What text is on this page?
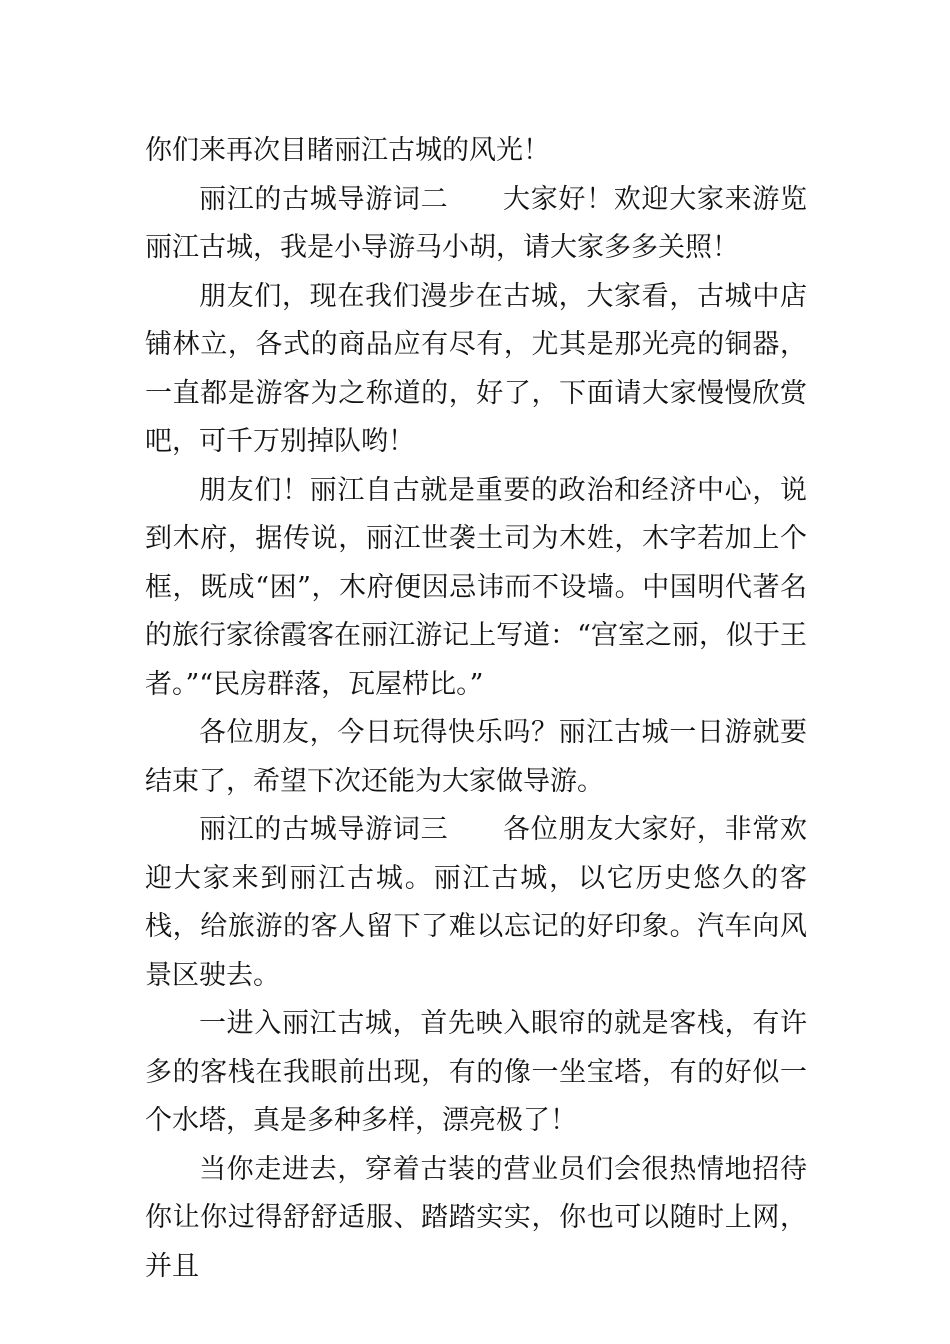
你们来再次目睹丽江古城的风光！

丽江的古城导游词二 大家好！欢迎大家来游览丽江古城，我是小导游马小胡，请大家多多关照！

朋友们，现在我们漫步在古城，大家看，古城中店铺林立，各式的商品应有尽有，尤其是那光亮的铜器，一直都是游客为之称道的，好了，下面请大家慢慢欣赏吧，可千万别掉队哟！

朋友们！丽江自古就是重要的政治和经济中心，说到木府，据传说，丽江世袭土司为木姓，木字若加上个框，既成“困”，木府便因忌讳而不设墙。中国明代著名的旅行家徐霞客在丽江游记上写道：“宫室之丽，似于王者。”“民房群落，瓦屋栉比。”

各位朋友，今日玩得快乐吗？丽江古城一日游就要结束了，希望下次还能为大家做导游。

丽江的古城导游词三 各位朋友大家好，非常欢迎大家来到丽江古城。丽江古城，以它历史悠久的客栈，给旅游的客人留下了难以忘记的好印象。汽车向风景区驶去。

一进入丽江古城，首先映入眼帘的就是客栈，有许多的客栈在我眼前出现，有的像一坐宝塔，有的好似一个水塔，真是多种多样，漂亮极了！

当你走进去，穿着古装的营业员们会很热情地招待你让你过得舒舒适服、踏踏实实，你也可以随时上网，并且
